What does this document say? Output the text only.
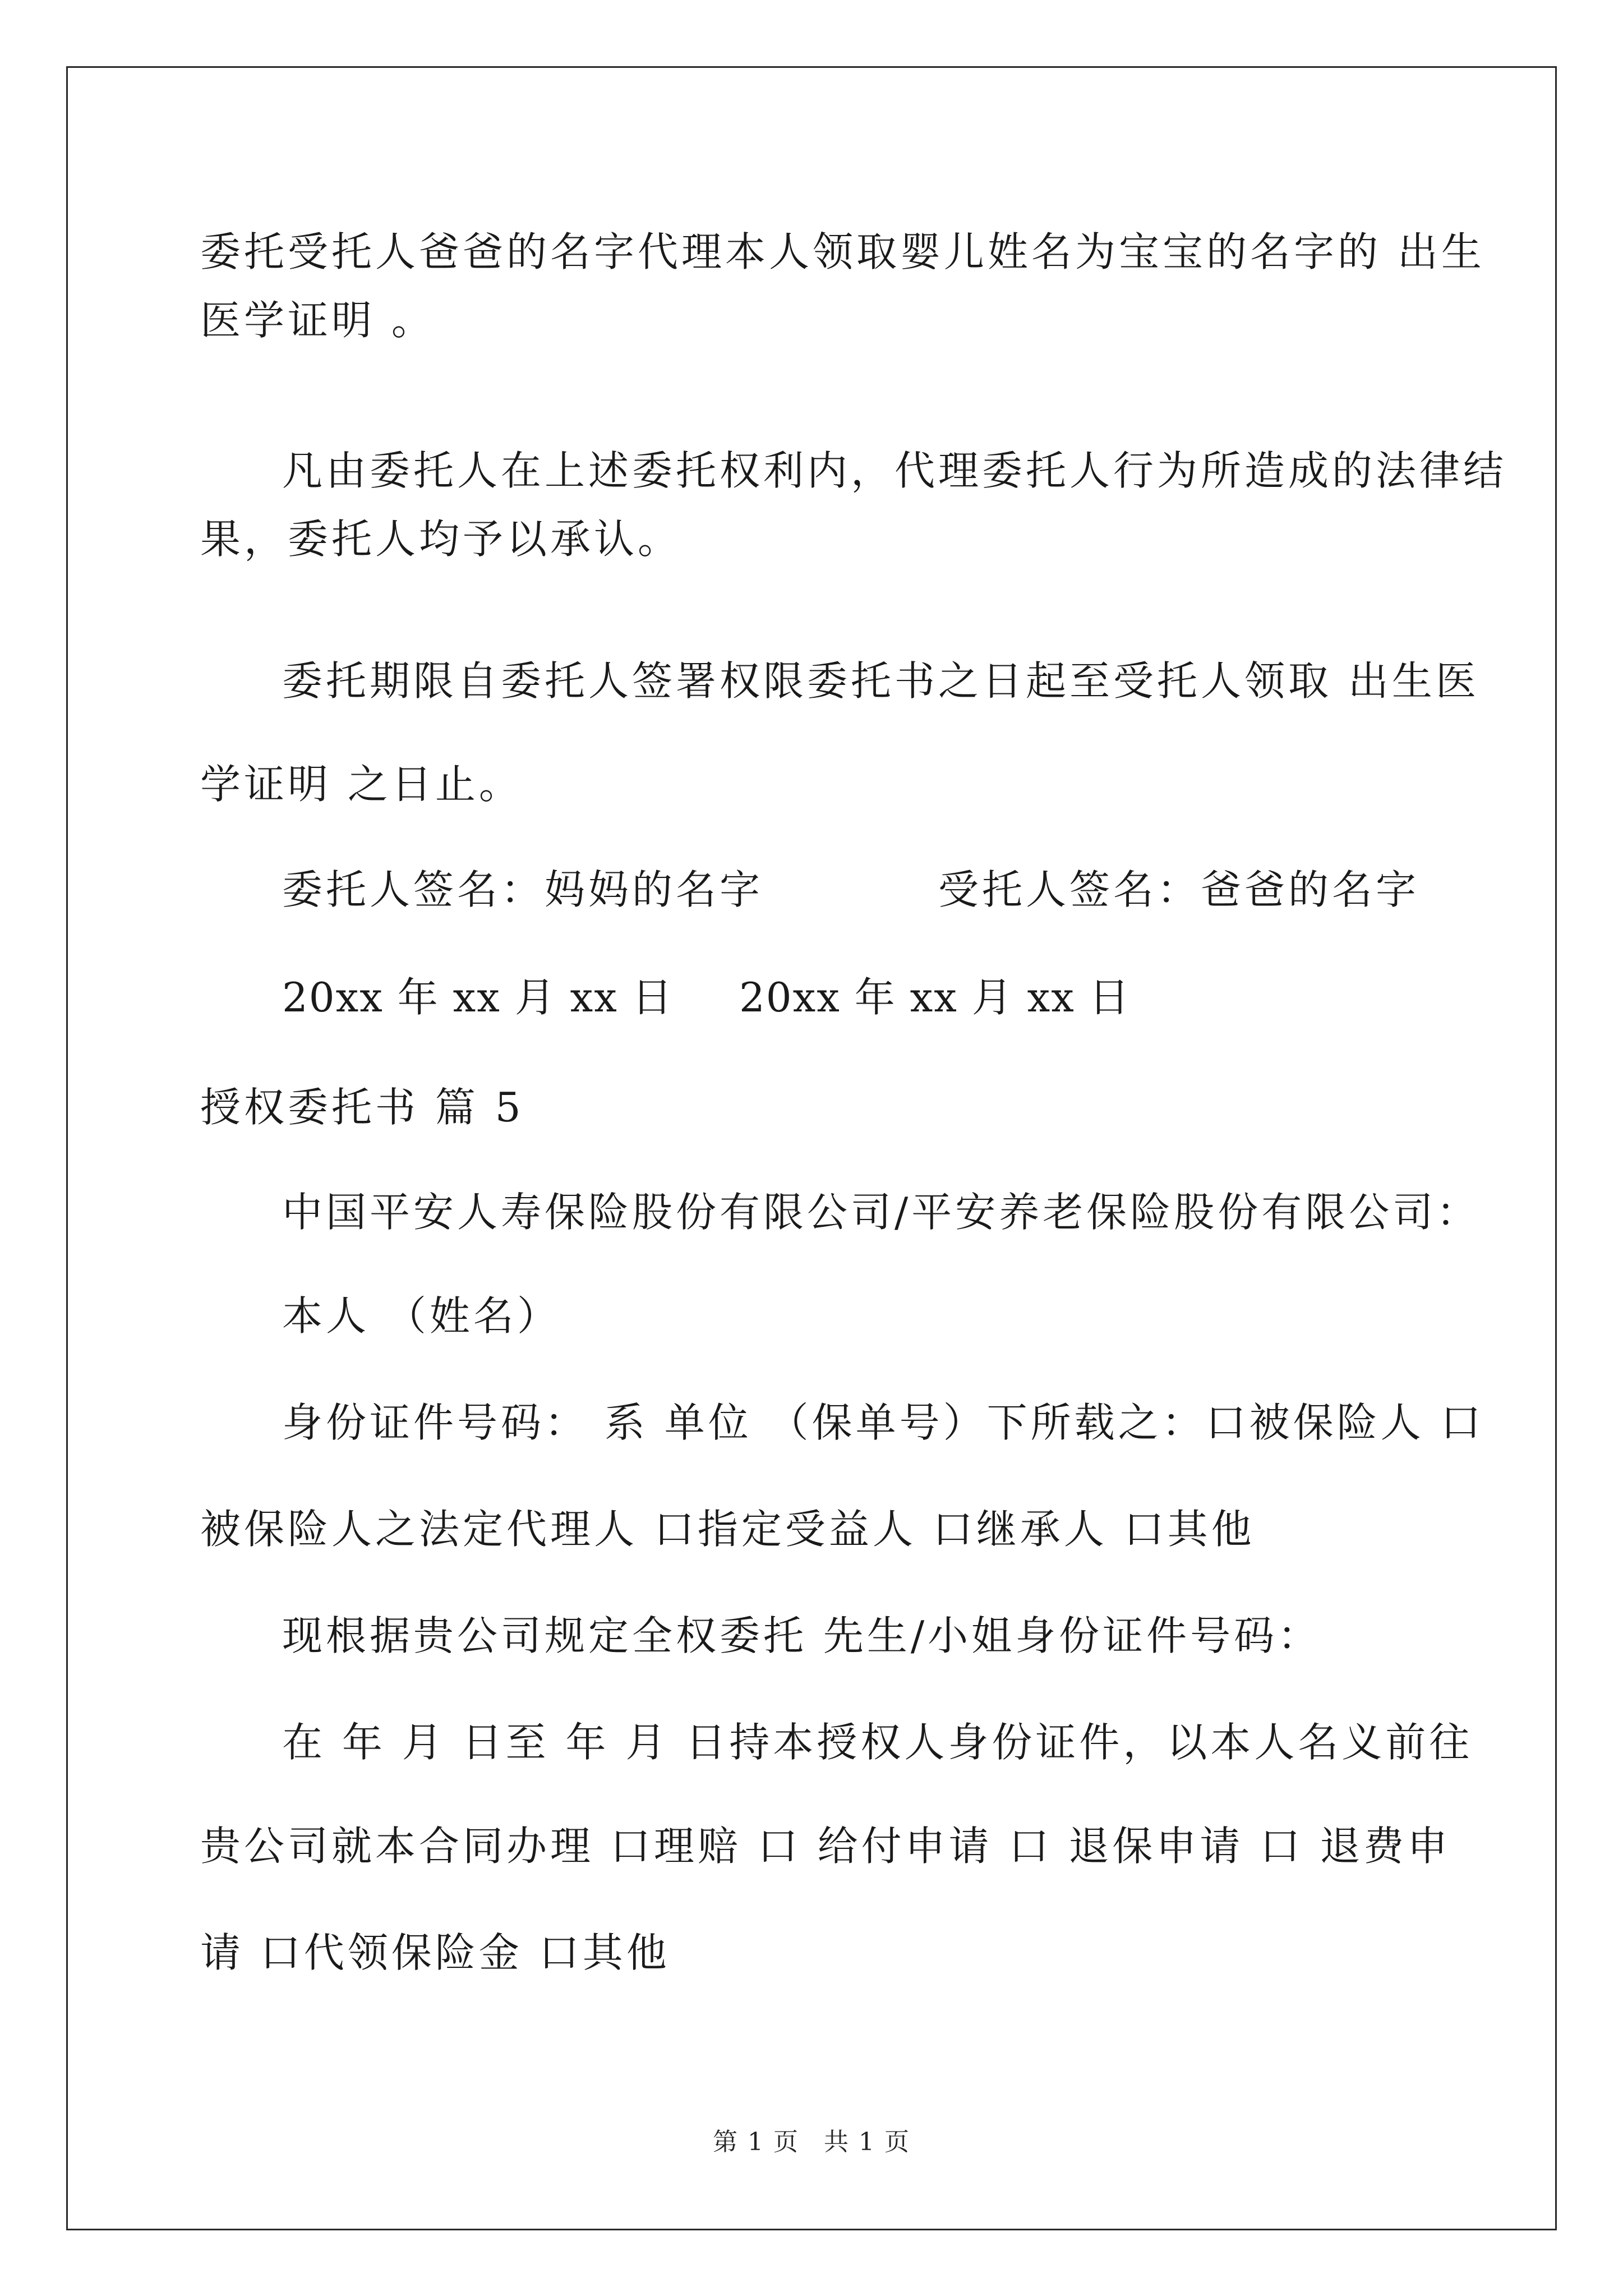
委托受托人爸爸的名字代理本人领取婴儿姓名为宝宝的名字的 出生
医学证明 。
凡由委托人在上述委托权利内，代理委托人行为所造成的法律结
果，委托人均予以承认。
委托期限自委托人签署权限委托书之日起至受托人领取 出生医
学证明 之日止。
委托人签名：妈妈的名字	受托人签名：爸爸的名字
20xx 年 xx 月 xx 日 20xx 年 xx 月 xx 日
授权委托书 篇 5
中国平安人寿保险股份有限公司/平安养老保险股份有限公司：
本人 （姓名）
身份证件号码： 系 单位 （保单号）下所载之：口被保险人 口
被保险人之法定代理人 口指定受益人 口继承人 口其他
现根据贵公司规定全权委托 先生/小姐身份证件号码：
在 年 月 日至 年 月 日持本授权人身份证件，以本人名义前往
贵公司就本合同办理 口理赔 口 给付申请 口 退保申请 口 退费申
请 口代领保险金 口其他
第 1 页 共 1 页
